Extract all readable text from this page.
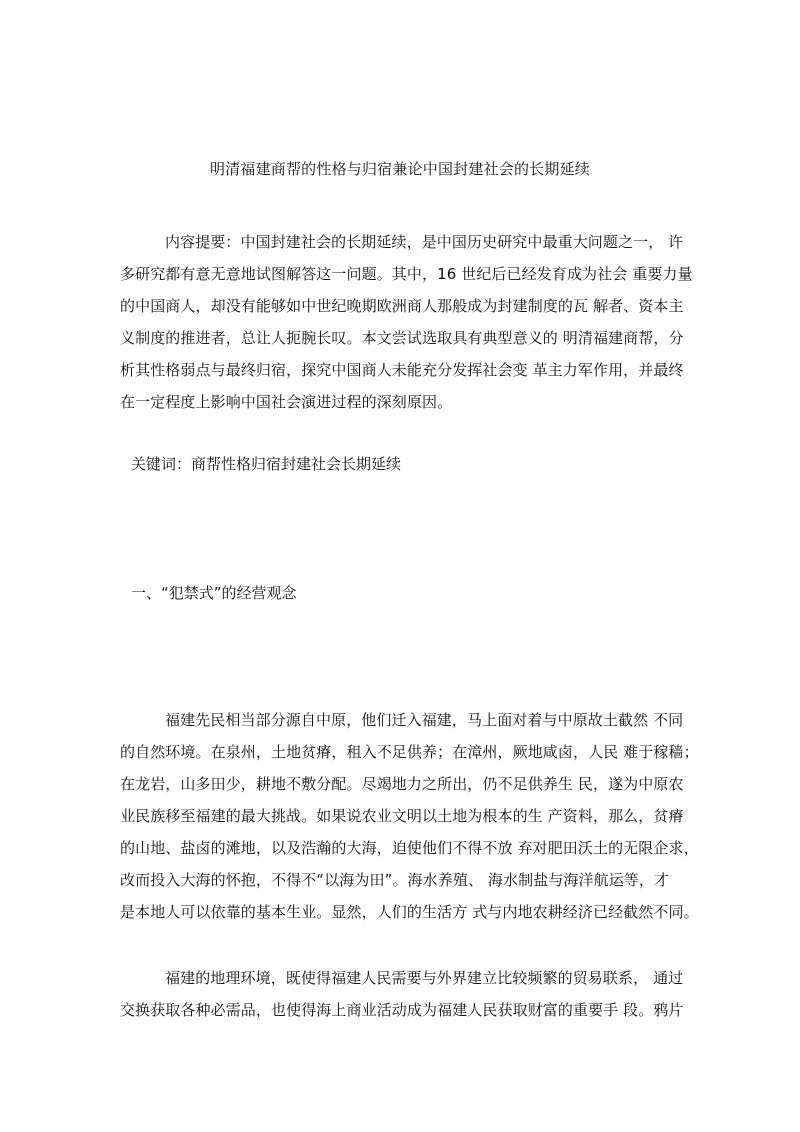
明清福建商帮的性格与归宿兼论中国封建社会的长期延续
内容提要：中国封建社会的长期延续，是中国历史研究中最重大问题之一， 许
多研究都有意无意地试图解答这一问题。其中，16 世纪后已经发育成为社会 重要力量
的中国商人，却没有能够如中世纪晚期欧洲商人那般成为封建制度的瓦 解者、资本主
义制度的推进者，总让人扼腕长叹。本文尝试选取具有典型意义的 明清福建商帮，分
析其性格弱点与最终归宿，探究中国商人未能充分发挥社会变 革主力军作用，并最终
在一定程度上影响中国社会演进过程的深刻原因。
关键词：商帮性格归宿封建社会长期延续
一、“犯禁式”的经营观念
福建先民相当部分源自中原，他们迁入福建，马上面对着与中原故土截然 不同
的自然环境。在泉州，土地贫瘠，租入不足供养；在漳州，厥地咸卤，人民 难于稼穑；
在龙岩，山多田少，耕地不敷分配。尽竭地力之所出，仍不足供养生 民，遂为中原农
业民族移至福建的最大挑战。如果说农业文明以土地为根本的生 产资料，那么，贫瘠
的山地、盐卤的滩地，以及浩瀚的大海，迫使他们不得不放 弃对肥田沃土的无限企求，
改而投入大海的怀抱，不得不“以海为田”。海水养殖、 海水制盐与海洋航运等，才
是本地人可以依靠的基本生业。显然，人们的生活方 式与内地农耕经济已经截然不同。
福建的地理环境，既使得福建人民需要与外界建立比较频繁的贸易联系， 通过
交换获取各种必需品，也使得海上商业活动成为福建人民获取财富的重要手 段。鸦片
